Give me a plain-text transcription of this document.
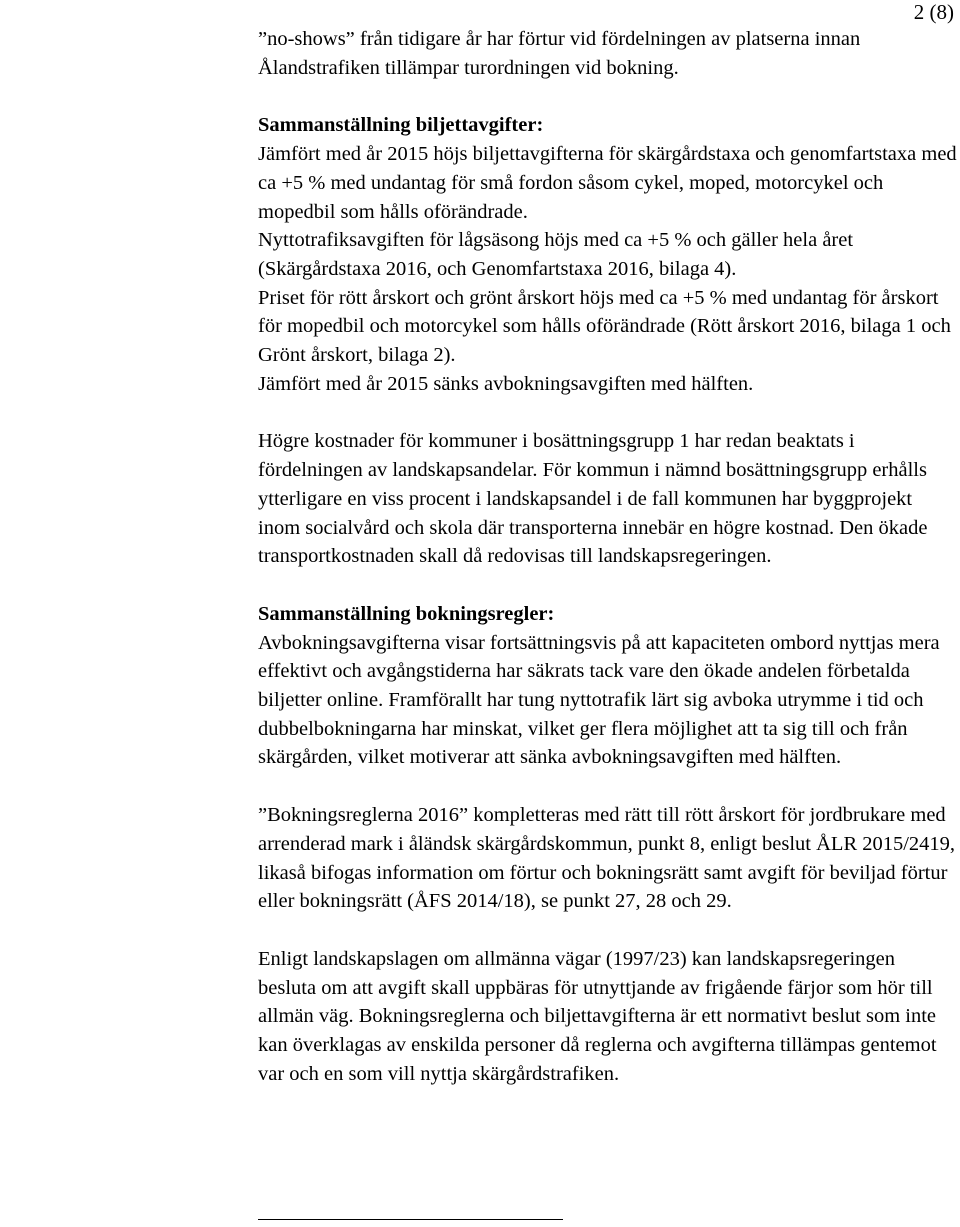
2 (8)

”no-shows” från tidigare år har förtur vid fördelningen av platserna innan

Ålandstrafiken tillämpar turordningen vid bokning.

Sammanställning biljettavgifter:

Jämfört med år 2015 höjs biljettavgifterna för skärgårdstaxa och genomfartstaxa med ca +5 % med undantag för små fordon såsom cykel, moped, motorcykel och mopedbil som hålls oförändrade.

Nyttotrafiksavgiften för lågsäsong höjs med ca +5 % och gäller hela året (Skärgårdstaxa 2016, och Genomfartstaxa 2016, bilaga 4).

Priset för rött årskort och grönt årskort höjs med ca +5 % med undantag för årskort för mopedbil och motorcykel som hålls oförändrade (Rött årskort 2016, bilaga 1 och Grönt årskort, bilaga 2).

Jämfört med år 2015 sänks avbokningsavgiften med hälften.

Högre kostnader för kommuner i bosättningsgrupp 1 har redan beaktats i fördelningen av landskapsandelar. För kommun i nämnd bosättningsgrupp erhålls ytterligare en viss procent i landskapsandel i de fall kommunen har byggprojekt inom socialvård och skola där transporterna innebär en högre kostnad. Den ökade transportkostnaden skall då redovisas till landskapsregeringen.

Sammanställning bokningsregler:

Avbokningsavgifterna visar fortsättningsvis på att kapaciteten ombord nyttjas mera effektivt och avgångstiderna har säkrats tack vare den ökade andelen förbetalda biljetter online. Framförallt har tung nyttotrafik lärt sig avboka utrymme i tid och dubbelbokningarna har minskat, vilket ger flera möjlighet att ta sig till och från skärgården, vilket motiverar att sänka avbokningsavgiften med hälften.

”Bokningsreglerna 2016” kompletteras med rätt till rött årskort för jordbrukare med arrenderad mark i åländsk skärgårdskommun, punkt 8, enligt beslut ÅLR 2015/2419, likaså bifogas information om förtur och bokningsrätt samt avgift för beviljad förtur eller bokningsrätt (ÅFS 2014/18), se punkt 27, 28 och 29.

Enligt landskapslagen om allmänna vägar (1997/23) kan landskapsregeringen besluta om att avgift skall uppbäras för utnyttjande av frigående färjor som hör till allmän väg. Bokningsreglerna och biljettavgifterna är ett normativt beslut som inte kan överklagas av enskilda personer då reglerna och avgifterna tillämpas gentemot var och en som vill nyttja skärgårdstrafiken.
